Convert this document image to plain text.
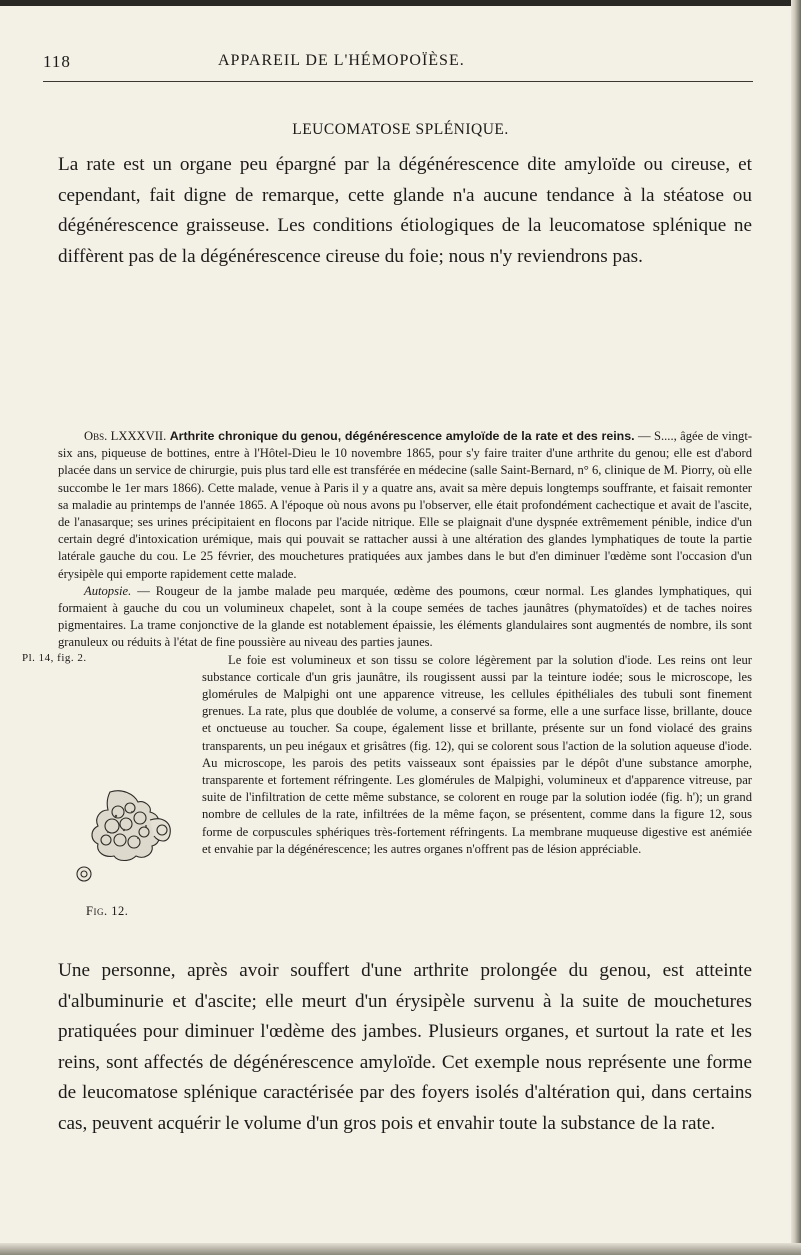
118	APPAREIL DE L'HÉMOPOÏÈSE.
LEUCOMATOSE SPLÉNIQUE.

La rate est un organe peu épargné par la dégénérescence dite amyloïde ou cireuse, et cependant, fait digne de remarque, cette glande n'a aucune tendance à la stéatose ou dégénérescence graisseuse. Les conditions étiologiques de la leucomatose splénique ne diffèrent pas de la dégénérescence cireuse du foie; nous n'y reviendrons pas.

Pl. 14, fig. 2.

Obs. LXXXVII. Arthrite chronique du genou, dégénérescence amyloïde de la rate et des reins. — S...., âgée de vingt-six ans, piqueuse de bottines, entre à l'Hôtel-Dieu le 10 novembre 1865, pour s'y faire traiter d'une arthrite du genou; elle est d'abord placée dans un service de chirurgie, puis plus tard elle est transférée en médecine (salle Saint-Bernard, n° 6, clinique de M. Piorry, où elle succombe le 1er mars 1866). Cette malade, venue à Paris il y a quatre ans, avait sa mère depuis longtemps souffrante, et faisait remonter sa maladie au printemps de l'année 1865. A l'époque où nous avons pu l'observer, elle était profondément cachectique et avait de l'ascite, de l'anasarque; ses urines précipitaient en flocons par l'acide nitrique. Elle se plaignait d'une dyspnée extrêmement pénible, indice d'un certain degré d'intoxication urémique, mais qui pouvait se rattacher aussi à une altération des glandes lymphatiques de toute la partie latérale gauche du cou. Le 25 février, des mouchetures pratiquées aux jambes dans le but d'en diminuer l'œdème sont l'occasion d'un érysipèle qui emporte rapidement cette malade.

Autopsie. — Rougeur de la jambe malade peu marquée, œdème des poumons, cœur normal. Les glandes lymphatiques, qui formaient à gauche du cou un volumineux chapelet, sont à la coupe semées de taches jaunâtres (phymatoïdes) et de taches noires pigmentaires. La trame conjonctive de la glande est notablement épaissie, les éléments glandulaires sont augmentés de nombre, ils sont granuleux ou réduits à l'état de fine poussière au niveau des parties jaunes.

Fig. 12.
Le foie est volumineux et son tissu se colore légèrement par la solution d'iode. Les reins ont leur substance corticale d'un gris jaunâtre, ils rougissent aussi par la teinture iodée; sous le microscope, les glomérules de Malpighi ont une apparence vitreuse, les cellules épithéliales des tubuli sont finement grenues. La rate, plus que doublée de volume, a conservé sa forme, elle a une surface lisse, brillante, douce et onctueuse au toucher. Sa coupe, également lisse et brillante, présente sur un fond violacé des grains transparents, un peu inégaux et grisâtres (fig. 12), qui se colorent sous l'action de la solution aqueuse d'iode. Au microscope, les parois des petits vaisseaux sont épaissies par le dépôt d'une substance amorphe, transparente et fortement réfringente. Les glomérules de Malpighi, volumineux et d'apparence vitreuse, par suite de l'infiltration de cette même substance, se colorent en rouge par la solution iodée (fig. h'); un grand nombre de cellules de la rate, infiltrées de la même façon, se présentent, comme dans la figure 12, sous forme de corpuscules sphériques très-fortement réfringents. La membrane muqueuse digestive est anémiée et envahie par la dégénérescence; les autres organes n'offrent pas de lésion appréciable.

Une personne, après avoir souffert d'une arthrite prolongée du genou, est atteinte d'albuminurie et d'ascite; elle meurt d'un érysipèle survenu à la suite de mouchetures pratiquées pour diminuer l'œdème des jambes. Plusieurs organes, et surtout la rate et les reins, sont affectés de dégénérescence amyloïde. Cet exemple nous représente une forme de leucomatose splénique caractérisée par des foyers isolés d'altération qui, dans certains cas, peuvent acquérir le volume d'un gros pois et envahir toute la substance de la rate.
